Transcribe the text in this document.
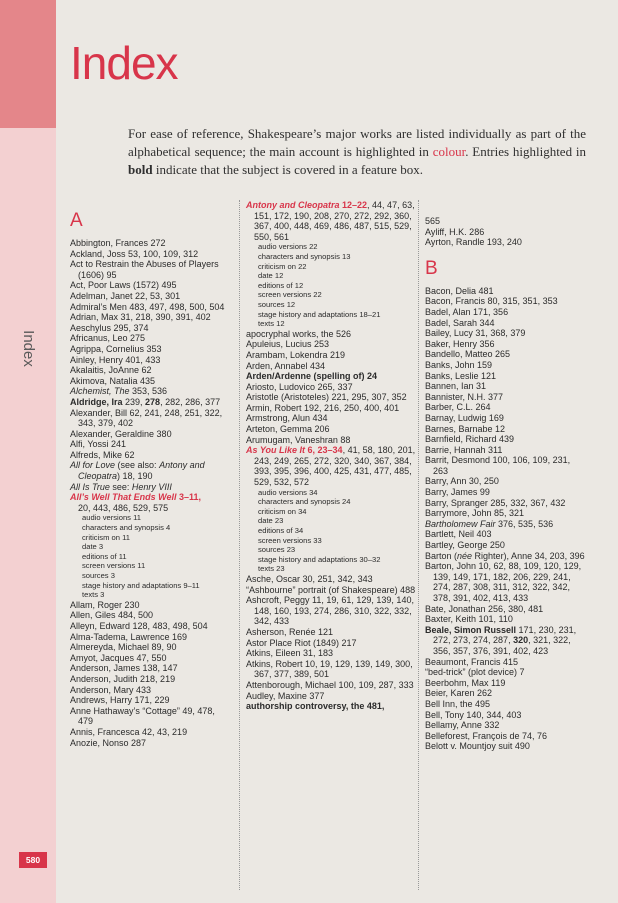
Index
580
Index

For ease of reference, Shakespeare’s major works are listed individually as part of the alphabetical sequence; the main account is highlighted in colour. Entries highlighted in bold indicate that the subject is covered in a feature box.

A

Abbington, Frances 272

Ackland, Joss 53, 100, 109, 312

Act to Restrain the Abuses of Players (1606) 95

Act, Poor Laws (1572) 495

Adelman, Janet 22, 53, 301

Admiral’s Men 483, 497, 498, 500, 504

Adrian, Max 31, 218, 390, 391, 402

Aeschylus 295, 374

Africanus, Leo 275

Agrippa, Cornelius 353

Ainley, Henry 401, 433

Akalaitis, JoAnne 62

Akimova, Natalia 435

Alchemist, The 353, 536

Aldridge, Ira 239, 278, 282, 286, 377

Alexander, Bill 62, 241, 248, 251, 322, 343, 379, 402

Alexander, Geraldine 380

Alfi, Yossi 241

Alfreds, Mike 62

All for Love (see also: Antony and Cleopatra) 18, 190

All Is True see: Henry VIII

All’s Well That Ends Well 3–11,
20, 443, 486, 529, 575

audio versions 11

characters and synopsis 4

criticism on 11

date 3

editions of 11

screen versions 11

sources 3

stage history and adaptations 9–11

texts 3

Allam, Roger 230

Allen, Giles 484, 500

Alleyn, Edward 128, 483, 498, 504

Alma-Tadema, Lawrence 169

Almereyda, Michael 89, 90

Amyot, Jacques 47, 550

Anderson, James 138, 147

Anderson, Judith 218, 219

Anderson, Mary 433

Andrews, Harry 171, 229

Anne Hathaway’s “Cottage” 49, 478, 479

Annis, Francesca 42, 43, 219

Anozie, Nonso 287

Antony and Cleopatra 12–22, 44, 47, 63, 151, 172, 190, 208, 270, 272, 292, 360, 367, 400, 448, 469, 486, 487, 515, 529, 550, 561

audio versions 22

characters and synopsis 13

criticism on 22

date 12

editions of 12

screen versions 22

sources 12

stage history and adaptations 18–21

texts 12

apocryphal works, the 526

Apuleius, Lucius 253

Arambam, Lokendra 219

Arden, Annabel 434

Arden/Ardenne (spelling of) 24

Ariosto, Ludovico 265, 337

Aristotle (Aristoteles) 221, 295, 307, 352

Armin, Robert 192, 216, 250, 400, 401

Armstrong, Alun 434

Arteton, Gemma 206

Arumugam, Vaneshran 88

As You Like It 6, 23–34, 41, 58, 180, 201, 243, 249, 265, 272, 320, 340, 367, 384, 393, 395, 396, 400, 425, 431, 477, 485, 529, 532, 572

audio versions 34

characters and synopsis 24

criticism on 34

date 23

editions of 34

screen versions 33

sources 23

stage history and adaptations 30–32

texts 23

Asche, Oscar 30, 251, 342, 343

“Ashbourne” portrait (of Shakespeare) 488

Ashcroft, Peggy 11, 19, 61, 129, 139, 140, 148, 160, 193, 274, 286, 310, 322, 332, 342, 433

Asherson, Renée 121

Astor Place Riot (1849) 217

Atkins, Eileen 31, 183

Atkins, Robert 10, 19, 129, 139, 149, 300, 367, 377, 389, 501

Attenborough, Michael 100, 109, 287, 333

Audley, Maxine 377

authorship controversy, the 481,

565

Ayliff, H.K. 286

Ayrton, Randle 193, 240

B

Bacon, Delia 481

Bacon, Francis 80, 315, 351, 353

Badel, Alan 171, 356

Badel, Sarah 344

Bailey, Lucy 31, 368, 379

Baker, Henry 356

Bandello, Matteo 265

Banks, John 159

Banks, Leslie 121

Bannen, Ian 31

Bannister, N.H. 377

Barber, C.L. 264

Barnay, Ludwig 169

Barnes, Barnabe 12

Barnfield, Richard 439

Barrie, Hannah 311

Barrit, Desmond 100, 106, 109, 231, 263

Barry, Ann 30, 250

Barry, James 99

Barry, Spranger 285, 332, 367, 432

Barrymore, John 85, 321

Bartholomew Fair 376, 535, 536

Bartlett, Neil 403

Bartley, George 250

Barton (née Righter), Anne 34, 203, 396

Barton, John 10, 62, 88, 109, 120, 129, 139, 149, 171, 182, 206, 229, 241, 274, 287, 308, 311, 312, 322, 342, 378, 391, 402, 413, 433

Bate, Jonathan 256, 380, 481

Baxter, Keith 101, 110

Beale, Simon Russell 171, 230, 231, 272, 273, 274, 287, 320, 321, 322, 356, 357, 376, 391, 402, 423

Beaumont, Francis 415

“bed-trick” (plot device) 7

Beerbohm, Max 119

Beier, Karen 262

Bell Inn, the 495

Bell, Tony 140, 344, 403

Bellamy, Anne 332

Belleforest, François de 74, 76

Belott v. Mountjoy suit 490
